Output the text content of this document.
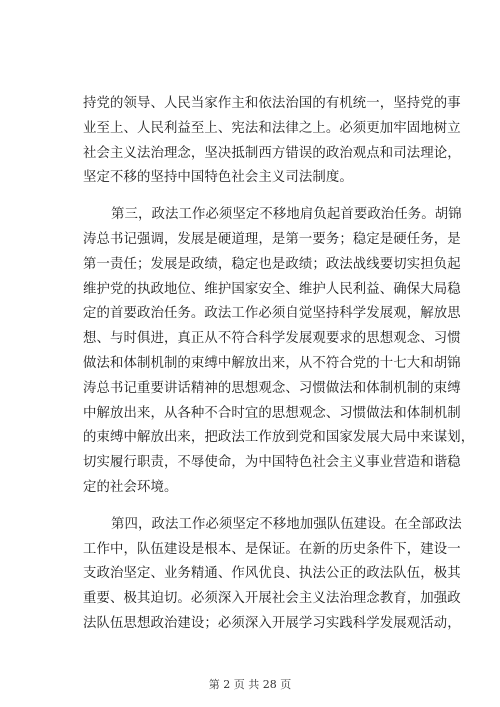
持党的领导、人民当家作主和依法治国的有机统一，坚持党的事
业至上、人民利益至上、宪法和法律之上。必须更加牢固地树立
社会主义法治理念，坚决抵制西方错误的政治观点和司法理论，
坚定不移的坚持中国特色社会主义司法制度。
第三，政法工作必须坚定不移地肩负起首要政治任务。胡锦
涛总书记强调，发展是硬道理，是第一要务；稳定是硬任务，是
第一责任；发展是政绩，稳定也是政绩；政法战线要切实担负起
维护党的执政地位、维护国家安全、维护人民利益、确保大局稳
定的首要政治任务。政法工作必须自觉坚持科学发展观，解放思
想、与时俱进，真正从不符合科学发展观要求的思想观念、习惯
做法和体制机制的束缚中解放出来，从不符合党的十七大和胡锦
涛总书记重要讲话精神的思想观念、习惯做法和体制机制的束缚
中解放出来，从各种不合时宜的思想观念、习惯做法和体制机制
的束缚中解放出来，把政法工作放到党和国家发展大局中来谋划，
切实履行职责，不辱使命，为中国特色社会主义事业营造和谐稳
定的社会环境。
第四，政法工作必须坚定不移地加强队伍建设。在全部政法
工作中，队伍建设是根本、是保证。在新的历史条件下，建设一
支政治坚定、业务精通、作风优良、执法公正的政法队伍，极其
重要、极其迫切。必须深入开展社会主义法治理念教育，加强政
法队伍思想政治建设；必须深入开展学习实践科学发展观活动，
第 2 页 共 28 页
